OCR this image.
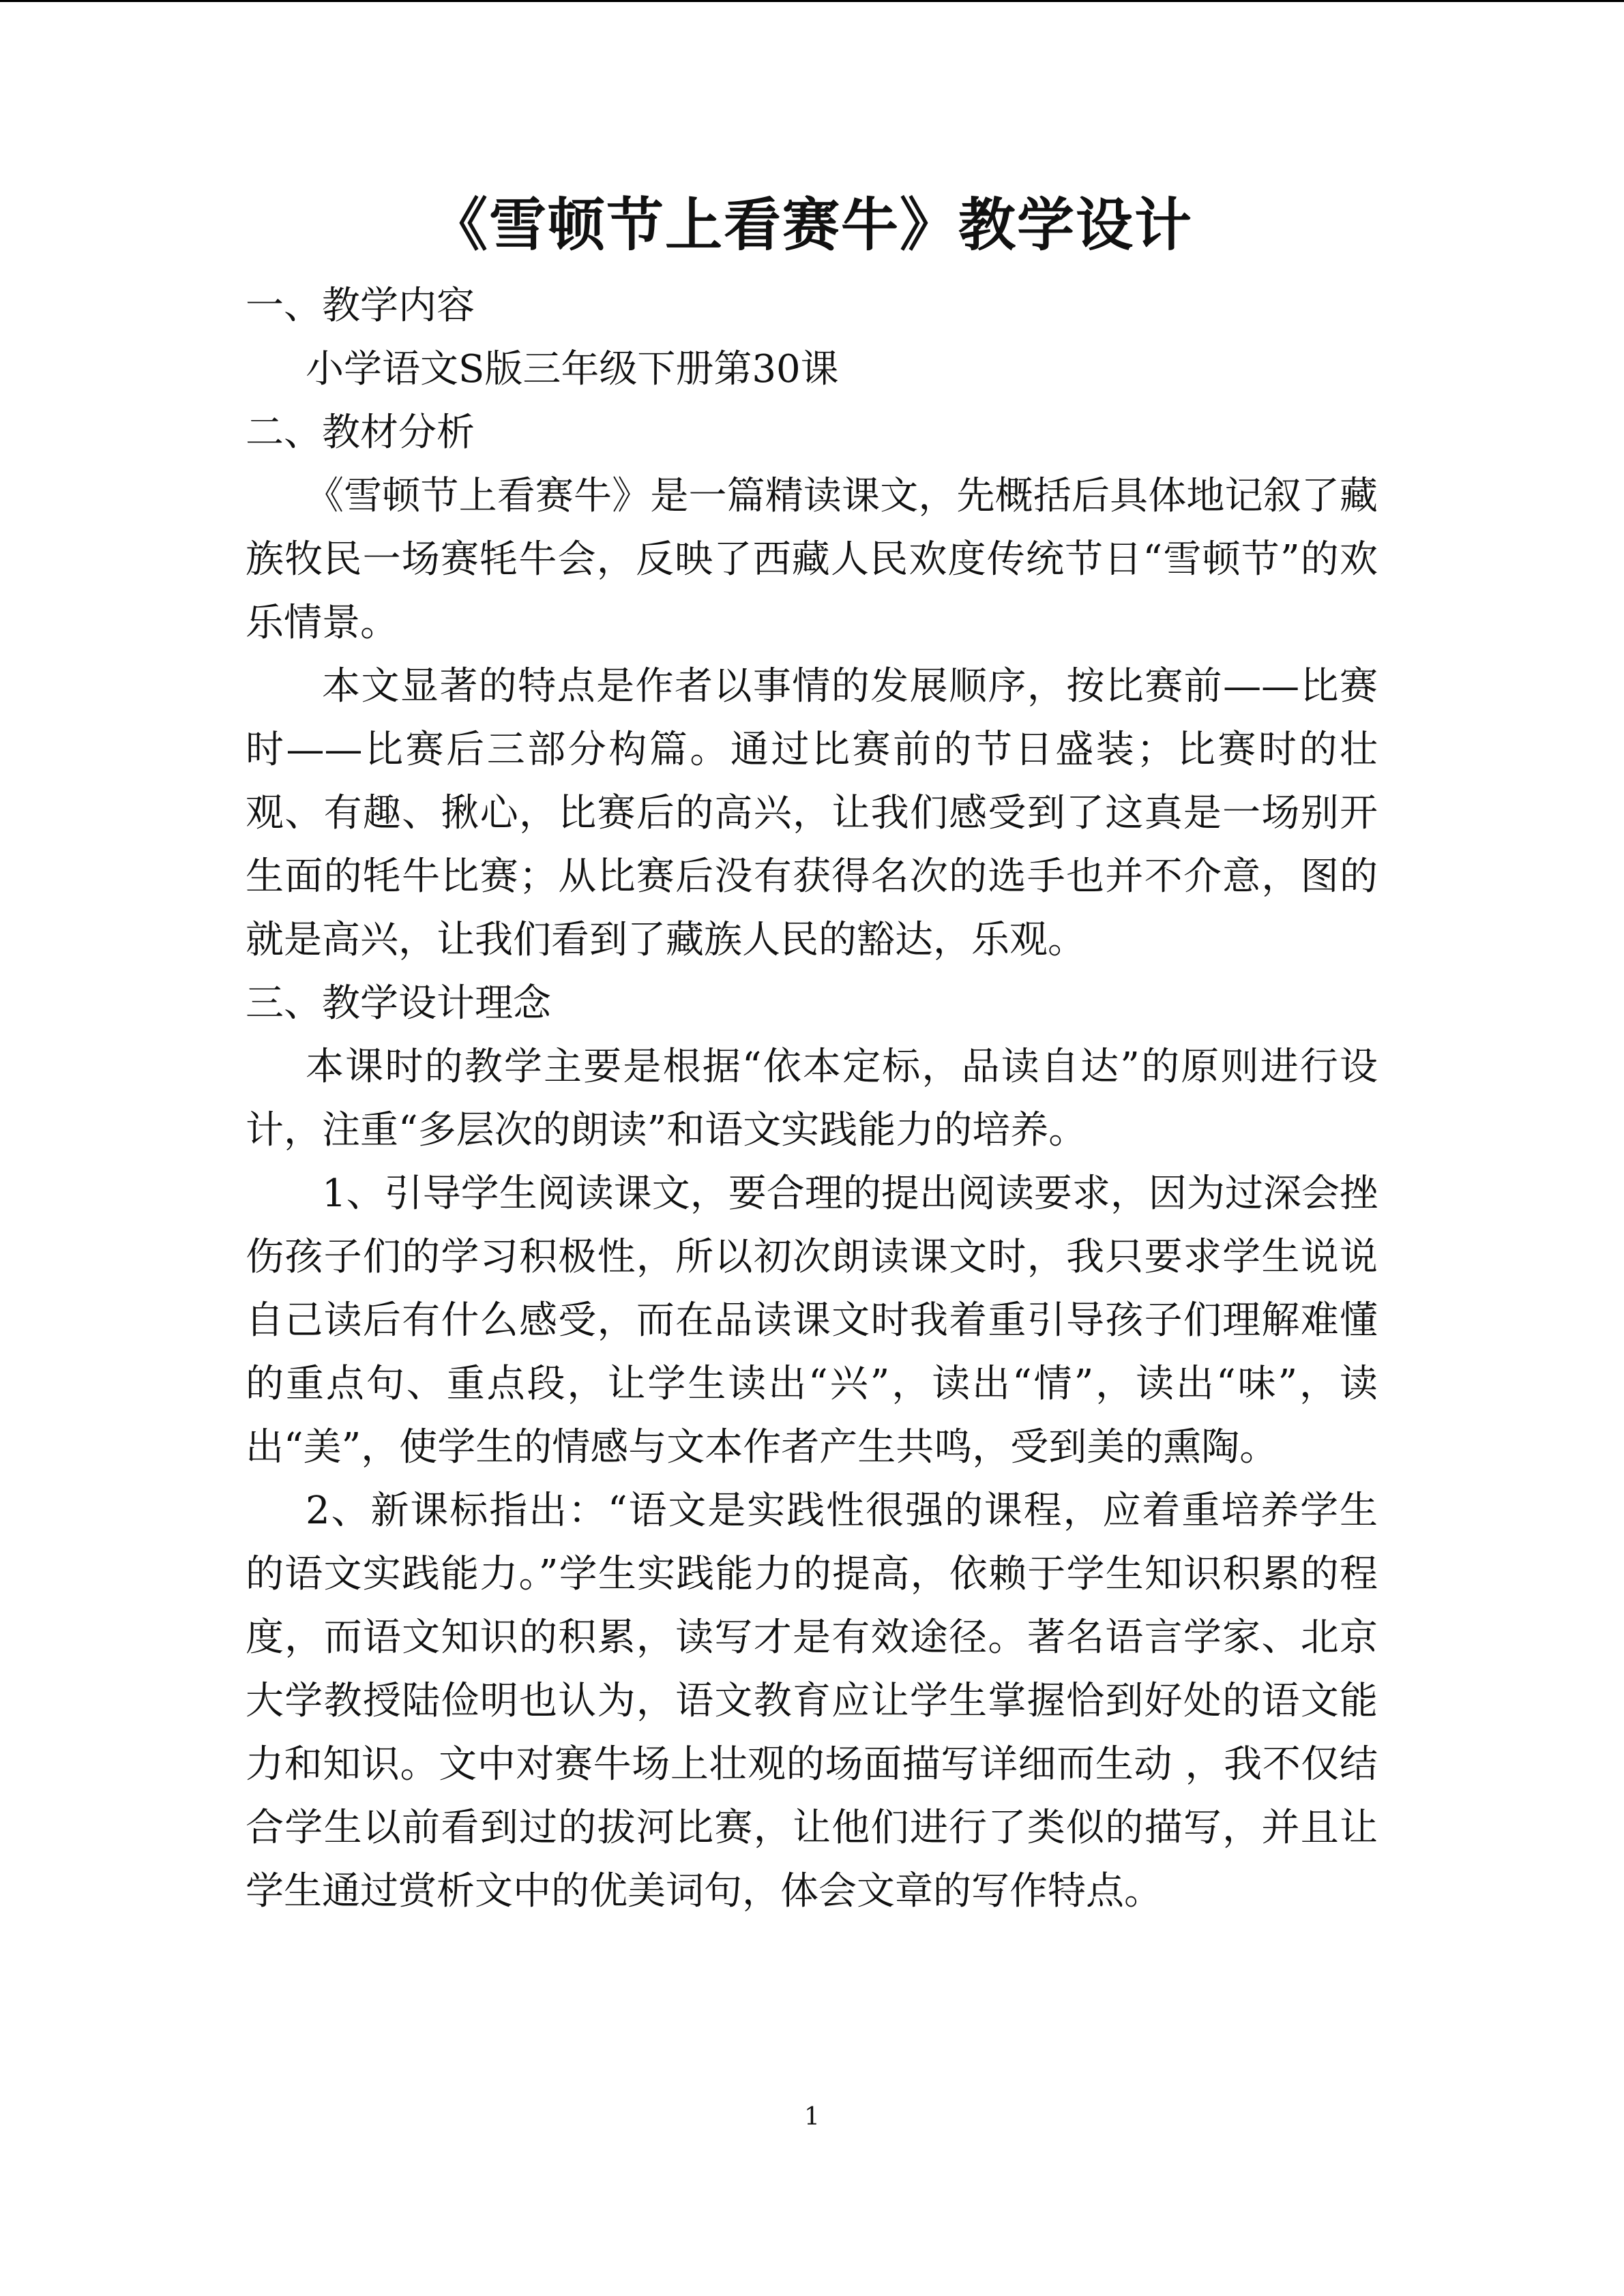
《雪顿节上看赛牛》教学设计

一、教学内容

小学语文S版三年级下册第30课

二、教材分析

《雪顿节上看赛牛》是一篇精读课文，先概括后具体地记叙了藏族牧民一场赛牦牛会，反映了西藏人民欢度传统节日“雪顿节”的欢乐情景。

本文显著的特点是作者以事情的发展顺序，按比赛前——比赛时——比赛后三部分构篇。通过比赛前的节日盛装；比赛时的壮观、有趣、揪心，比赛后的高兴，让我们感受到了这真是一场别开生面的牦牛比赛；从比赛后没有获得名次的选手也并不介意，图的就是高兴，让我们看到了藏族人民的豁达，乐观。

三、教学设计理念

本课时的教学主要是根据“依本定标，品读自达”的原则进行设计，注重“多层次的朗读”和语文实践能力的培养。

1、引导学生阅读课文，要合理的提出阅读要求，因为过深会挫伤孩子们的学习积极性，所以初次朗读课文时，我只要求学生说说自己读后有什么感受，而在品读课文时我着重引导孩子们理解难懂的重点句、重点段，让学生读出“兴”，读出“情”，读出“味”，读出“美”，使学生的情感与文本作者产生共鸣，受到美的熏陶。

2、新课标指出：“语文是实践性很强的课程，应着重培养学生的语文实践能力。”学生实践能力的提高，依赖于学生知识积累的程度，而语文知识的积累，读写才是有效途径。著名语言学家、北京大学教授陆俭明也认为，语文教育应让学生掌握恰到好处的语文能力和知识。文中对赛牛场上壮观的场面描写详细而生动 ，我不仅结合学生以前看到过的拔河比赛，让他们进行了类似的描写，并且让学生通过赏析文中的优美词句，体会文章的写作特点。

1
